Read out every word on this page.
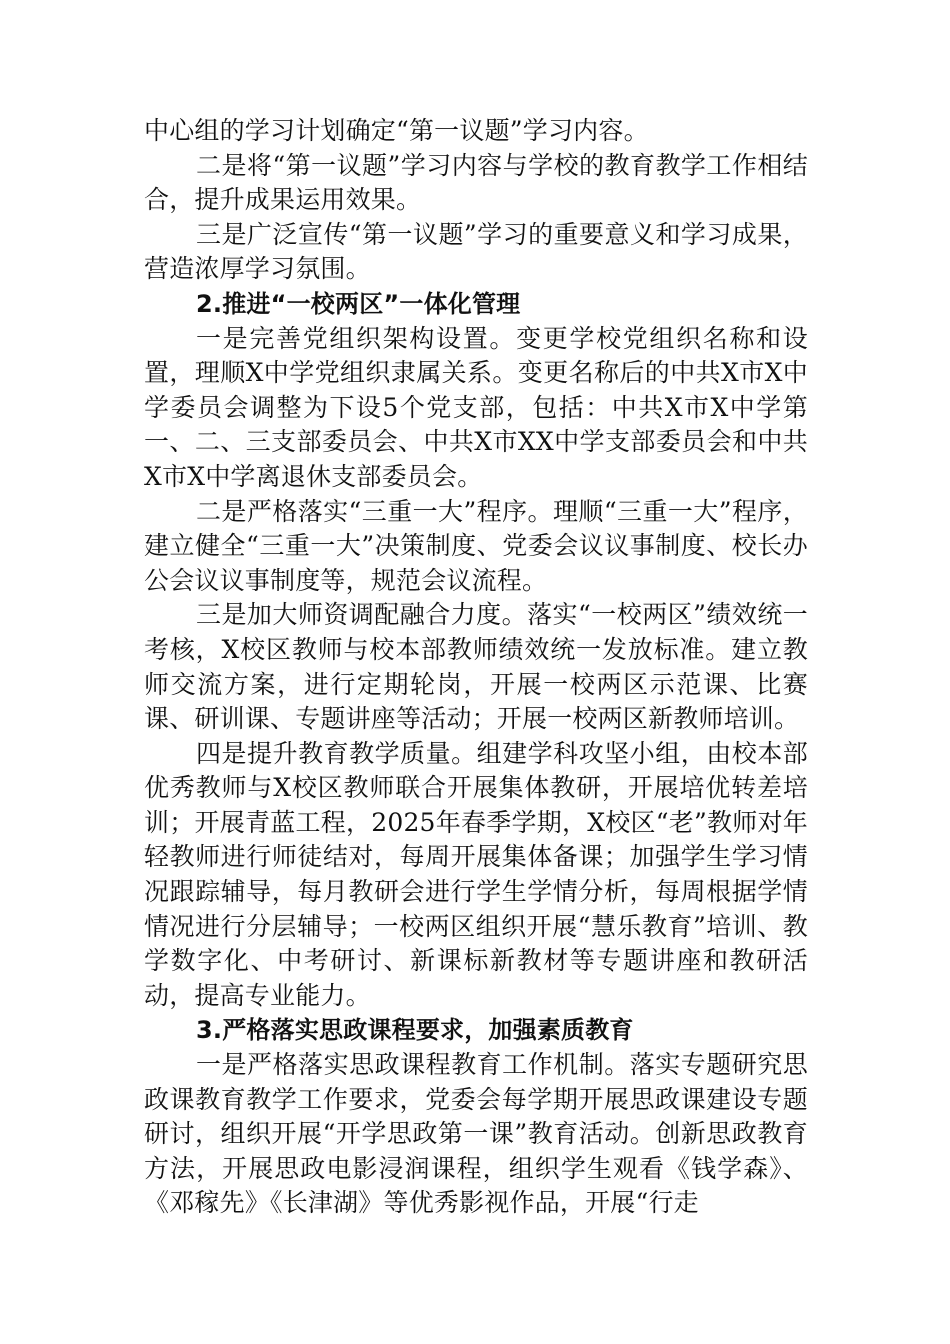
中心组的学习计划确定“第一议题”学习内容。

二是将“第一议题”学习内容与学校的教育教学工作相结合，提升成果运用效果。

三是广泛宣传“第一议题”学习的重要意义和学习成果，营造浓厚学习氛围。

2.推进“一校两区”一体化管理

一是完善党组织架构设置。变更学校党组织名称和设置，理顺X中学党组织隶属关系。变更名称后的中共X市X中学委员会调整为下设5个党支部，包括：中共X市X中学第一、二、三支部委员会、中共X市XX中学支部委员会和中共X市X中学离退休支部委员会。

二是严格落实“三重一大”程序。理顺“三重一大”程序，建立健全“三重一大”决策制度、党委会议议事制度、校长办公会议议事制度等，规范会议流程。

三是加大师资调配融合力度。落实“一校两区”绩效统一考核，X校区教师与校本部教师绩效统一发放标准。建立教师交流方案，进行定期轮岗，开展一校两区示范课、比赛课、研训课、专题讲座等活动；开展一校两区新教师培训。

四是提升教育教学质量。组建学科攻坚小组，由校本部优秀教师与X校区教师联合开展集体教研，开展培优转差培训；开展青蓝工程，2025年春季学期，X校区“老”教师对年轻教师进行师徒结对，每周开展集体备课；加强学生学习情况跟踪辅导，每月教研会进行学生学情分析，每周根据学情情况进行分层辅导；一校两区组织开展“慧乐教育”培训、教学数字化、中考研讨、新课标新教材等专题讲座和教研活动，提高专业能力。

3.严格落实思政课程要求，加强素质教育

一是严格落实思政课程教育工作机制。落实专题研究思政课教育教学工作要求，党委会每学期开展思政课建设专题研讨，组织开展“开学思政第一课”教育活动。创新思政教育方法，开展思政电影浸润课程，组织学生观看《钱学森》、《邓稼先》《长津湖》等优秀影视作品，开展“行走
